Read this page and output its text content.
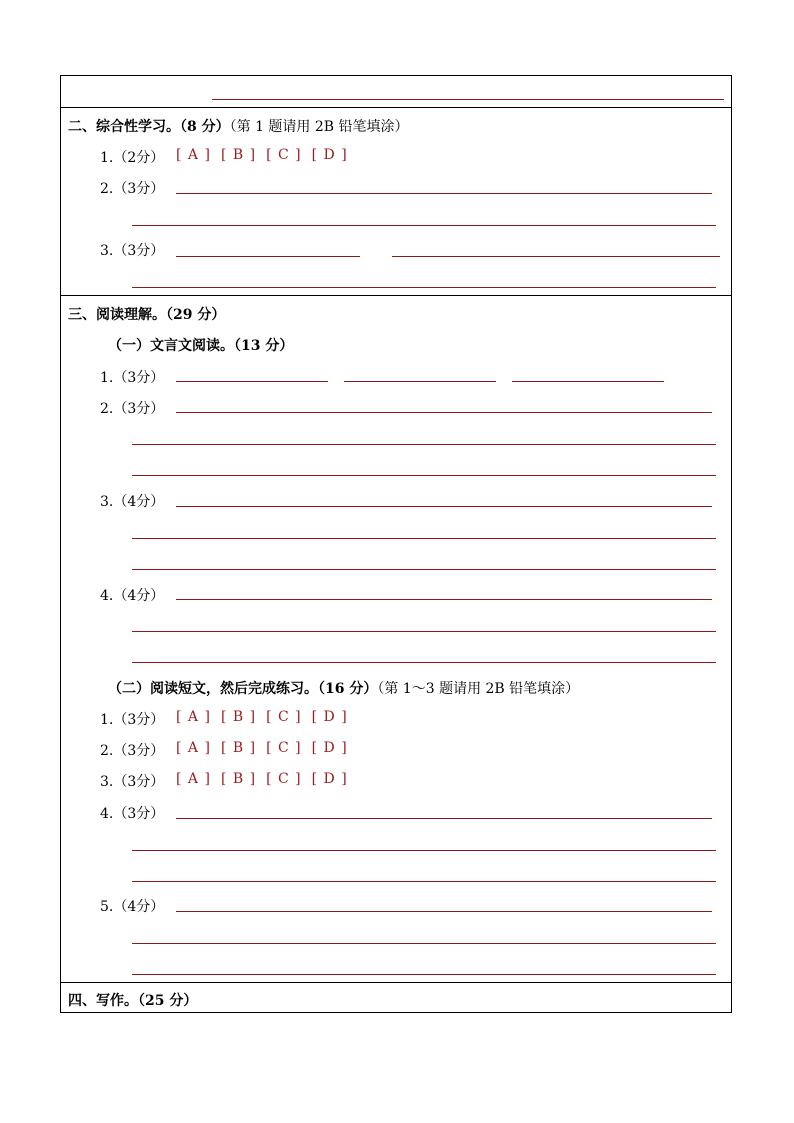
二、综合性学习。（8 分）（第 1 题请用 2B 铅笔填涂）
1.（2分） [ A ] [ B ] [ C ] [ D ]
2.（3分）
3.（3分）
三、阅读理解。（29 分）
（一）文言文阅读。（13 分）
1.（3分）
2.（3分）
3.（4分）
4.（4分）
（二）阅读短文，然后完成练习。（16 分）（第 1～3 题请用 2B 铅笔填涂）
1.（3分） [ A ] [ B ] [ C ] [ D ]
2.（3分） [ A ] [ B ] [ C ] [ D ]
3.（3分） [ A ] [ B ] [ C ] [ D ]
4.（3分）
5.（4分）
四、写作。（25 分）
